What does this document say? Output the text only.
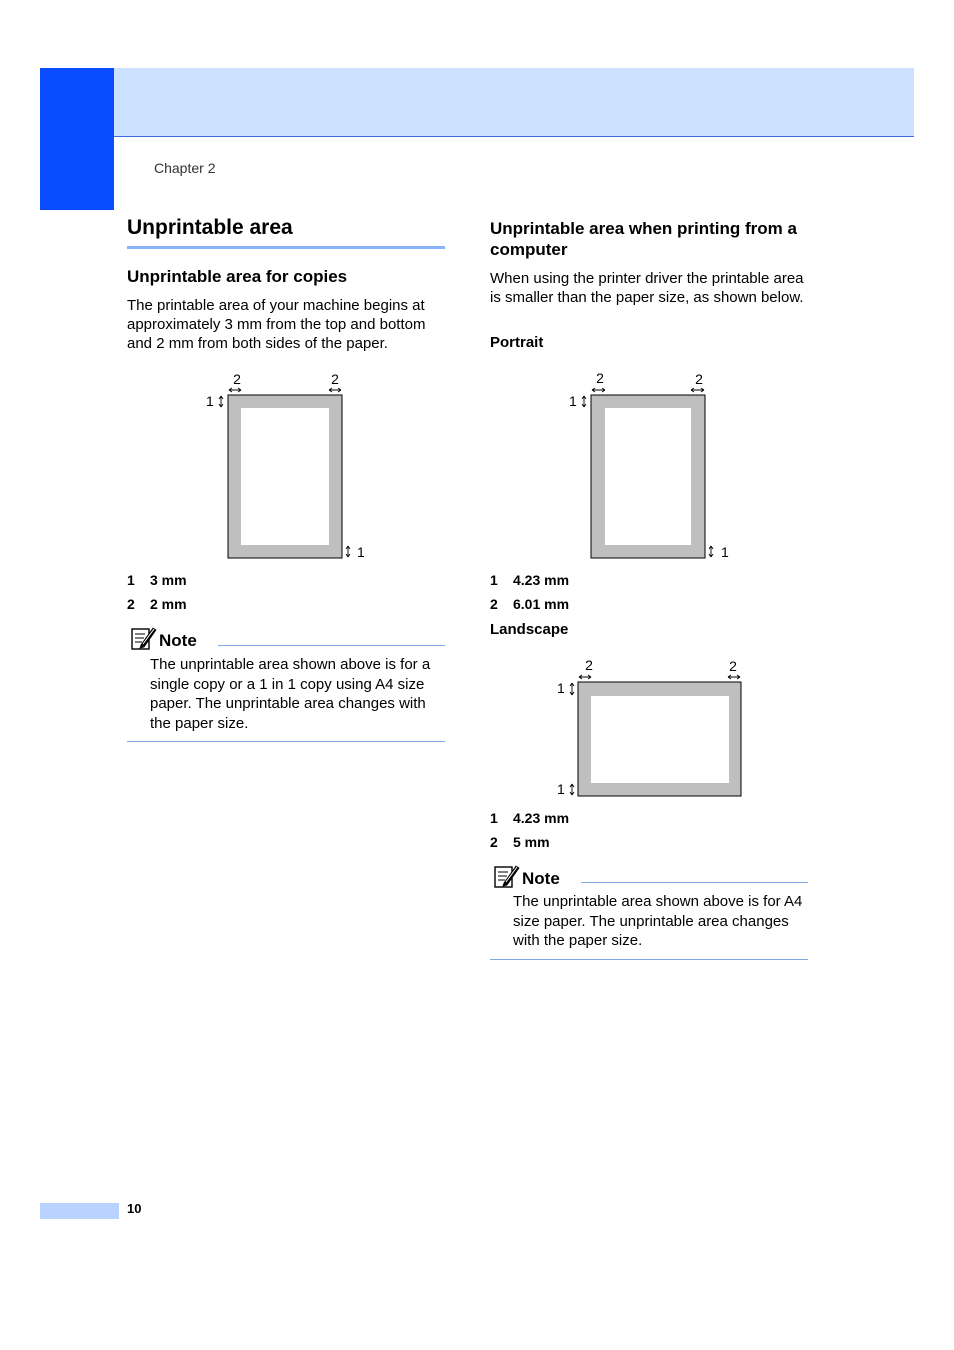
Chapter 2
Unprintable area
Unprintable area for copies
The printable area of your machine begins at approximately 3 mm from the top and bottom and 2 mm from both sides of the paper.
2	2
1
1
1 3 mm
2 2 mm
Note
The unprintable area shown above is for a single copy or a 1 in 1 copy using A4 size paper. The unprintable area changes with the paper size.
Unprintable area when printing from a computer
When using the printer driver the printable area is smaller than the paper size, as shown below.
Portrait
2	2
1
1
1 4.23 mm
2 6.01 mm
Landscape
2	2
1
1
1 4.23 mm
2 5 mm
Note
The unprintable area shown above is for A4 size paper. The unprintable area changes with the paper size.
10
